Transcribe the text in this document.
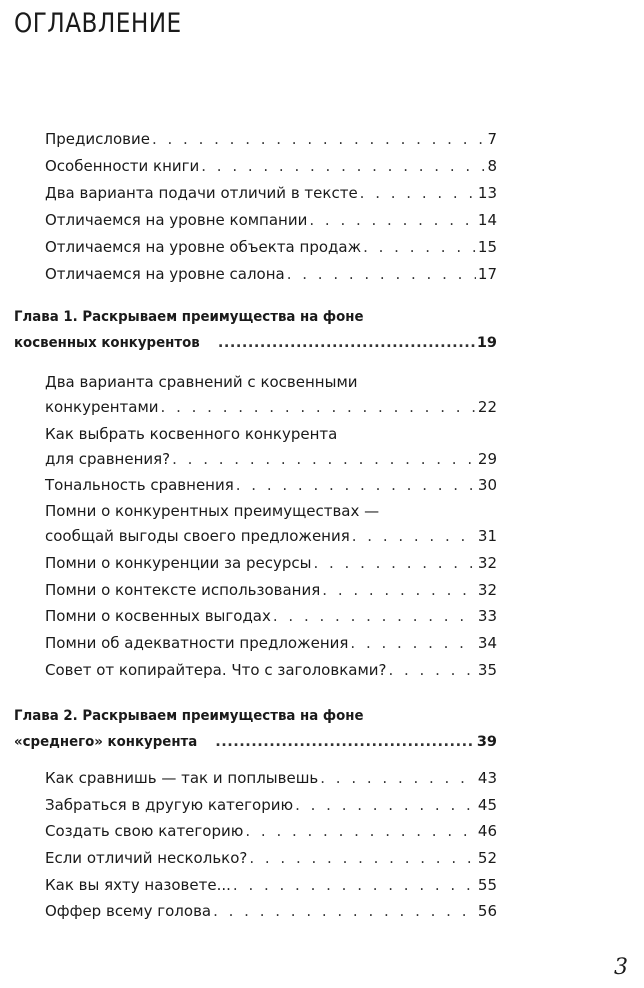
ОГЛАВЛЕНИЕ
Предисловие . . .	7
Особенности книги . . .	8
Два варианта подачи отличий в тексте . . .	13
Отличаемся на уровне компании . . .	14
Отличаемся на уровне объекта продаж . . .	15
Отличаемся на уровне салона . . .	17
Глава 1. Раскрываем преимущества на фоне
косвенных конкурентов .....	19
Два варианта сравнений с косвенными
конкурентами . . .	22
Как выбрать косвенного конкурента
для сравнения? . . .	29
Тональность сравнения . . .	30
Помни о конкурентных преимуществах —
сообщай выгоды своего предложения . . .	31
Помни о конкуренции за ресурсы . . .	32
Помни о контексте использования . . .	32
Помни о косвенных выгодах . . .	33
Помни об адекватности предложения . . .	34
Совет от копирайтера. Что с заголовками? . . .	35
Глава 2. Раскрываем преимущества на фоне
«среднего» конкурента .....	39
Как сравнишь — так и поплывешь . . .	43
Забраться в другую категорию . . .	45
Создать свою категорию . . .	46
Если отличий несколько? . . .	52
Как вы яхту назовете... . . .	55
Оффер всему голова . . .	56
3
